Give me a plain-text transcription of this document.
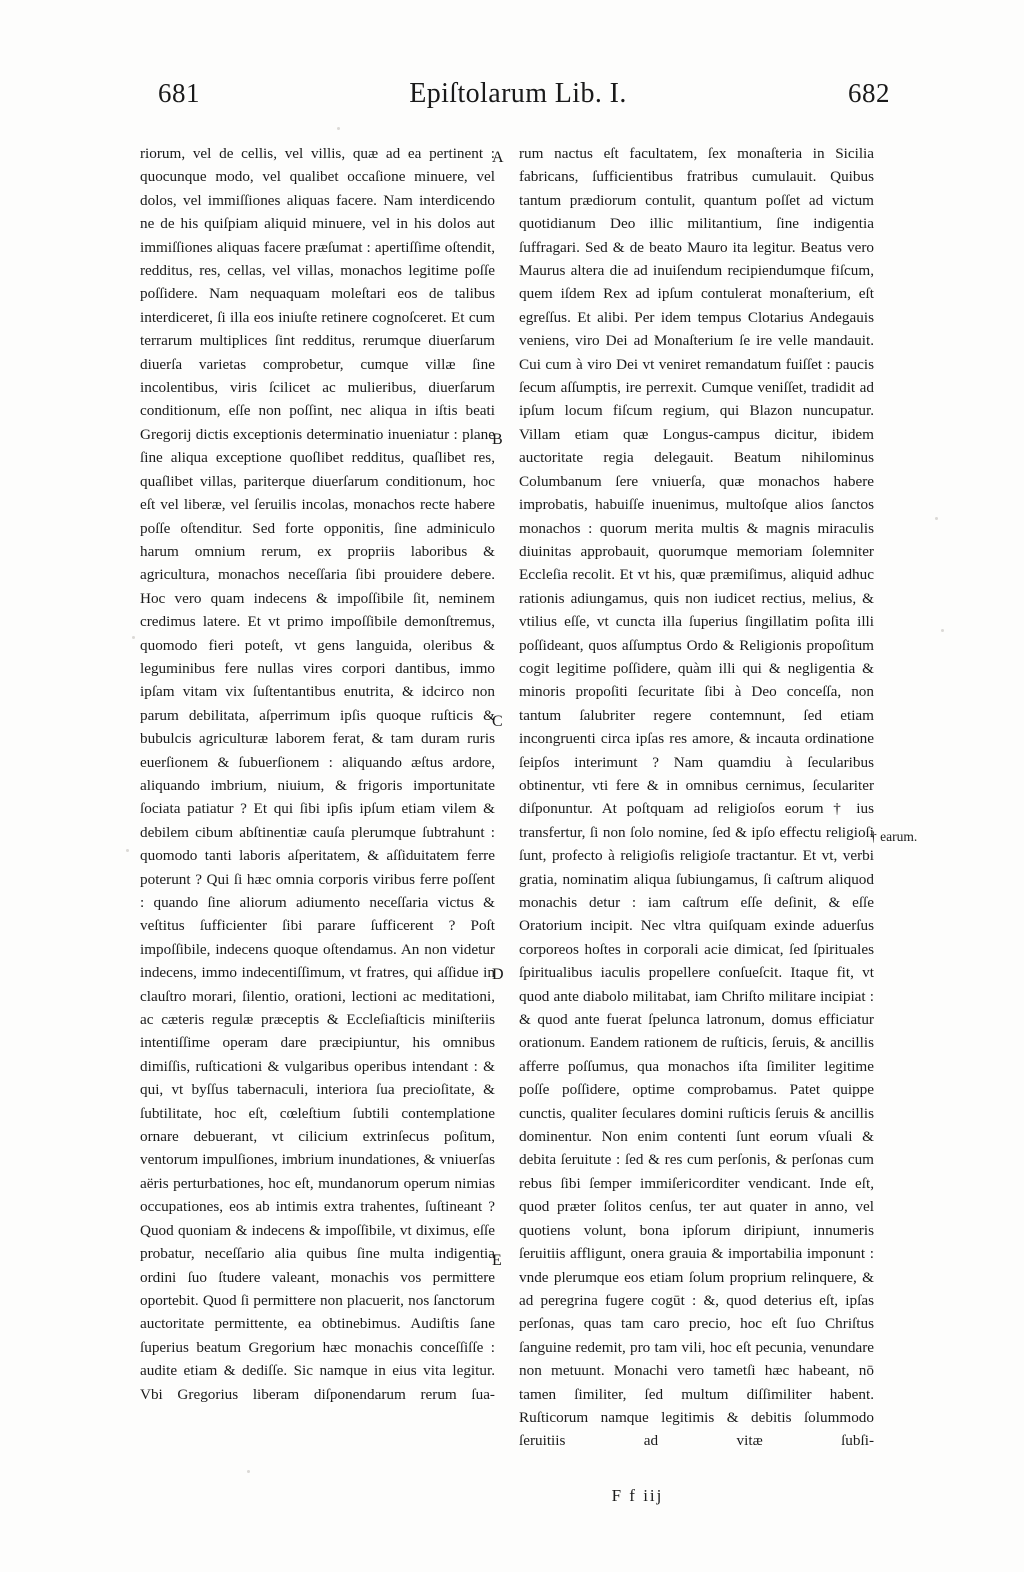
681	Epiſtolarum Lib. I.	682

riorum, vel de cellis, vel villis, quæ ad ea pertinent : quocunque modo, vel qualibet occaſione minuere, vel dolos, vel immiſſiones aliquas facere. Nam interdicendo ne de his quiſpiam aliquid minuere, vel in his dolos aut immiſſiones aliquas facere præſumat : apertiſſime oſtendit, redditus, res, cellas, vel villas, monachos legitime poſſe poſſidere. Nam nequaquam moleſtari eos de talibus interdiceret, ſi illa eos iniuſte retinere cognoſceret. Et cum terrarum multiplices ſint redditus, rerumque diuerſarum diuerſa varietas comprobetur, cumque villæ ſine incolentibus, viris ſcilicet ac mulieribus, diuerſarum conditionum, eſſe non poſſint, nec aliqua in iſtis beati Gregorij dictis exceptionis determinatio inueniatur : plane ſine aliqua exceptione quoſlibet redditus, quaſlibet res, quaſlibet villas, pariterque diuerſarum conditionum, hoc eſt vel liberæ, vel ſeruilis incolas, monachos recte habere poſſe oſtenditur. Sed forte opponitis, ſine adminiculo harum omnium rerum, ex propriis laboribus & agricultura, monachos neceſſaria ſibi prouidere debere. Hoc vero quam indecens & impoſſibile ſit, neminem credimus latere. Et vt primo impoſſibile demonſtremus, quomodo fieri poteſt, vt gens languida, oleribus & leguminibus fere nullas vires corpori dantibus, immo ipſam vitam vix ſuſtentantibus enutrita, & idcirco non parum debilitata, aſperrimum ipſis quoque ruſticis & bubulcis agriculturæ laborem ferat, & tam duram ruris euerſionem & ſubuerſionem : aliquando æſtus ardore, aliquando imbrium, niuium, & frigoris importunitate ſociata patiatur ? Et qui ſibi ipſis ipſum etiam vilem & debilem cibum abſtinentiæ cauſa plerumque ſubtrahunt : quomodo tanti laboris aſperitatem, & aſſiduitatem ferre poterunt ? Qui ſi hæc omnia corporis viribus ferre poſſent : quando ſine aliorum adiumento neceſſaria victus & veſtitus ſufficienter ſibi parare ſufficerent ? Poſt impoſſibile, indecens quoque oſtendamus. An non videtur indecens, immo indecentiſſimum, vt fratres, qui aſſidue in clauſtro morari, ſilentio, orationi, lectioni ac meditationi, ac cæteris regulæ præceptis & Eccleſiaſticis miniſteriis intentiſſime operam dare præcipiuntur, his omnibus dimiſſis, ruſticationi & vulgaribus operibus intendant : & qui, vt byſſus tabernaculi, interiora ſua precioſitate, & ſubtilitate, hoc eſt, cœleſtium ſubtili contemplatione ornare debuerant, vt cilicium extrinſecus poſitum, ventorum impulſiones, imbrium inundationes, & vniuerſas aëris perturbationes, hoc eſt, mundanorum operum nimias occupationes, eos ab intimis extra trahentes, ſuſtineant ? Quod quoniam & indecens & impoſſibile, vt diximus, eſſe probatur, neceſſario alia quibus ſine multa indigentia ordini ſuo ſtudere valeant, monachis vos permittere oportebit. Quod ſi permittere non placuerit, nos ſanctorum auctoritate permittente, ea obtinebimus. Audiſtis ſane ſuperius beatum Gregorium hæc monachis conceſſiſſe : audite etiam & dediſſe. Sic namque in eius vita legitur. Vbi Gregorius liberam diſponendarum rerum ſua-

rum nactus eſt facultatem, ſex monaſteria in Sicilia fabricans, ſufficientibus fratribus cumulauit. Quibus tantum prædiorum contulit, quantum poſſet ad victum quotidianum Deo illic militantium, ſine indigentia ſuffragari. Sed & de beato Mauro ita legitur. Beatus vero Maurus altera die ad inuiſendum recipiendumque fiſcum, quem iſdem Rex ad ipſum contulerat monaſterium, eſt egreſſus. Et alibi. Per idem tempus Clotarius Andegauis veniens, viro Dei ad Monaſterium ſe ire velle mandauit. Cui cum à viro Dei vt veniret remandatum fuiſſet : paucis ſecum aſſumptis, ire perrexit. Cumque veniſſet, tradidit ad ipſum locum fiſcum regium, qui Blazon nuncupatur. Villam etiam quæ Longus-campus dicitur, ibidem auctoritate regia delegauit. Beatum nihilominus Columbanum ſere vniuerſa, quæ monachos habere improbatis, habuiſſe inuenimus, multoſque alios ſanctos monachos : quorum merita multis & magnis miraculis diuinitas approbauit, quorumque memoriam ſolemniter Eccleſia recolit. Et vt his, quæ præmiſimus, aliquid adhuc rationis adiungamus, quis non iudicet rectius, melius, & vtilius eſſe, vt cuncta illa ſuperius ſingillatim poſita illi poſſideant, quos aſſumptus Ordo & Religionis propoſitum cogit legitime poſſidere, quàm illi qui & negligentia & minoris propoſiti ſecuritate ſibi à Deo conceſſa, non tantum ſalubriter regere contemnunt, ſed etiam incongruenti circa ipſas res amore, & incauta ordinatione ſeipſos interimunt ? Nam quamdiu à ſecularibus obtinentur, vti fere & in omnibus cernimus, ſeculariter diſponuntur. At poſtquam ad religioſos eorum † ius transfertur, ſi non ſolo nomine, ſed & ipſo effectu religioſi ſunt, profecto à religioſis religioſe tractantur. Et vt, verbi gratia, nominatim aliqua ſubiungamus, ſi caſtrum aliquod monachis detur : iam caſtrum eſſe deſinit, & eſſe Oratorium incipit. Nec vltra quiſquam exinde aduerſus corporeos hoſtes in corporali acie dimicat, ſed ſpirituales ſpiritualibus iaculis propellere conſueſcit. Itaque fit, vt quod ante diabolo militabat, iam Chriſto militare incipiat : & quod ante fuerat ſpelunca latronum, domus efficiatur orationum. Eandem rationem de ruſticis, ſeruis, & ancillis afferre poſſumus, qua monachos iſta ſimiliter legitime poſſe poſſidere, optime comprobamus. Patet quippe cunctis, qualiter ſeculares domini ruſticis ſeruis & ancillis dominentur. Non enim contenti ſunt eorum vſuali & debita ſeruitute : ſed & res cum perſonis, & perſonas cum rebus ſibi ſemper immiſericorditer vendicant. Inde eſt, quod præter ſolitos cenſus, ter aut quater in anno, vel quotiens volunt, bona ipſorum diripiunt, innumeris ſeruitiis affligunt, onera grauia & importabilia imponunt : vnde plerumque eos etiam ſolum proprium relinquere, & ad peregrina fugere cogūt : &, quod deterius eſt, ipſas perſonas, quas tam caro precio, hoc eſt ſuo Chriſtus ſanguine redemit, pro tam vili, hoc eſt pecunia, venundare non metuunt. Monachi vero tametſi hæc habeant, nō tamen ſimiliter, ſed multum diſſimiliter habent. Ruſticorum namque legitimis & debitis ſolummodo ſeruitiis ad vitæ ſubſi-

A
B
C
D
E
† earum.
F f iij
